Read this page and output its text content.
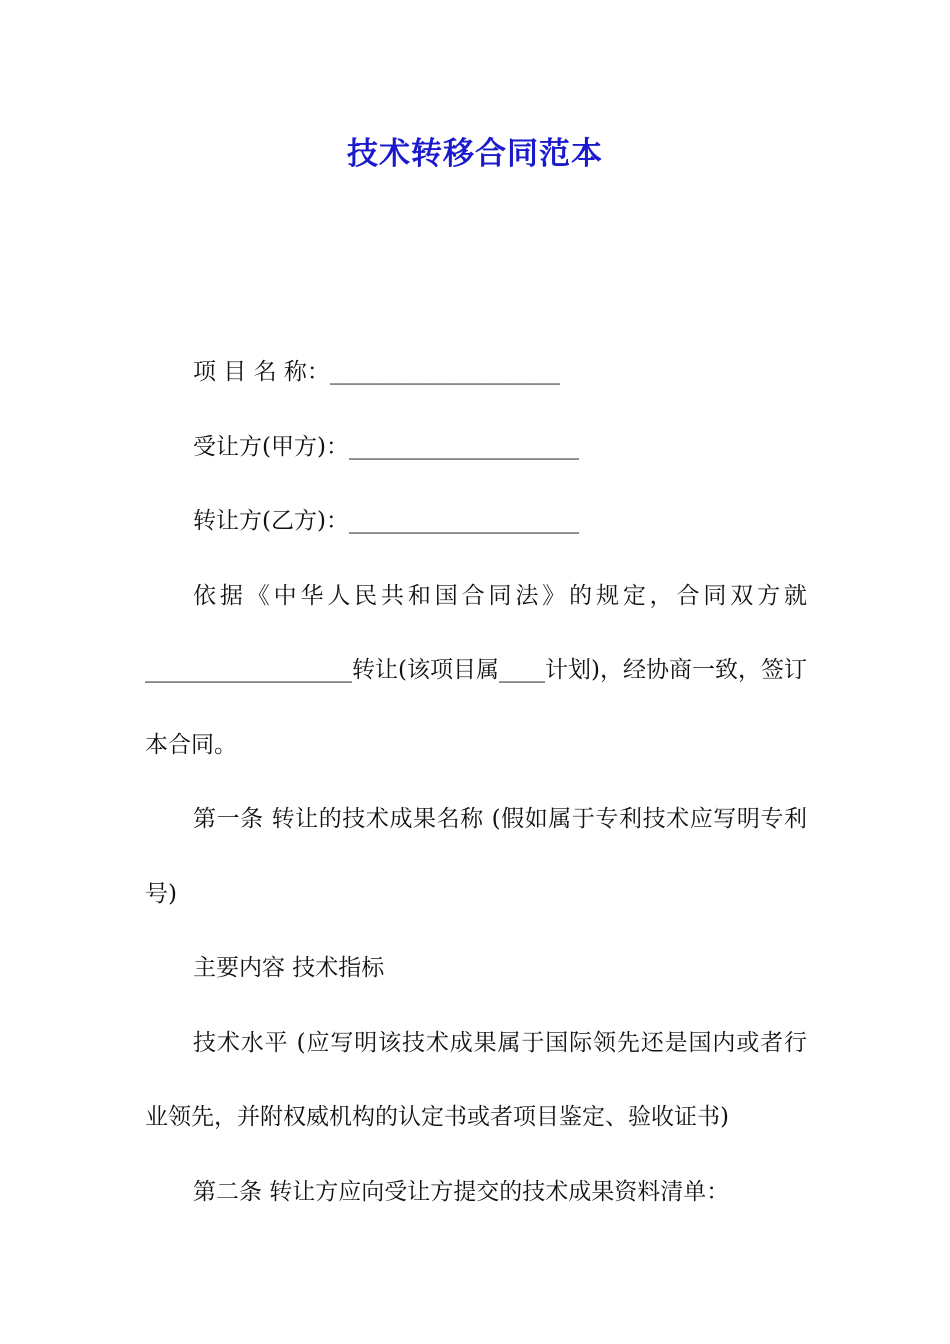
技术转移合同范本

项 目 名 称：____________________

受让方(甲方)：____________________

转让方(乙方)：____________________

依据《中华人民共和国合同法》的规定，合同双方就__________________转让(该项目属____计划)，经协商一致，签订本合同。

第一条 转让的技术成果名称 (假如属于专利技术应写明专利号)

主要内容 技术指标

技术水平 (应写明该技术成果属于国际领先还是国内或者行业领先，并附权威机构的认定书或者项目鉴定、验收证书)

第二条 转让方应向受让方提交的技术成果资料清单：
